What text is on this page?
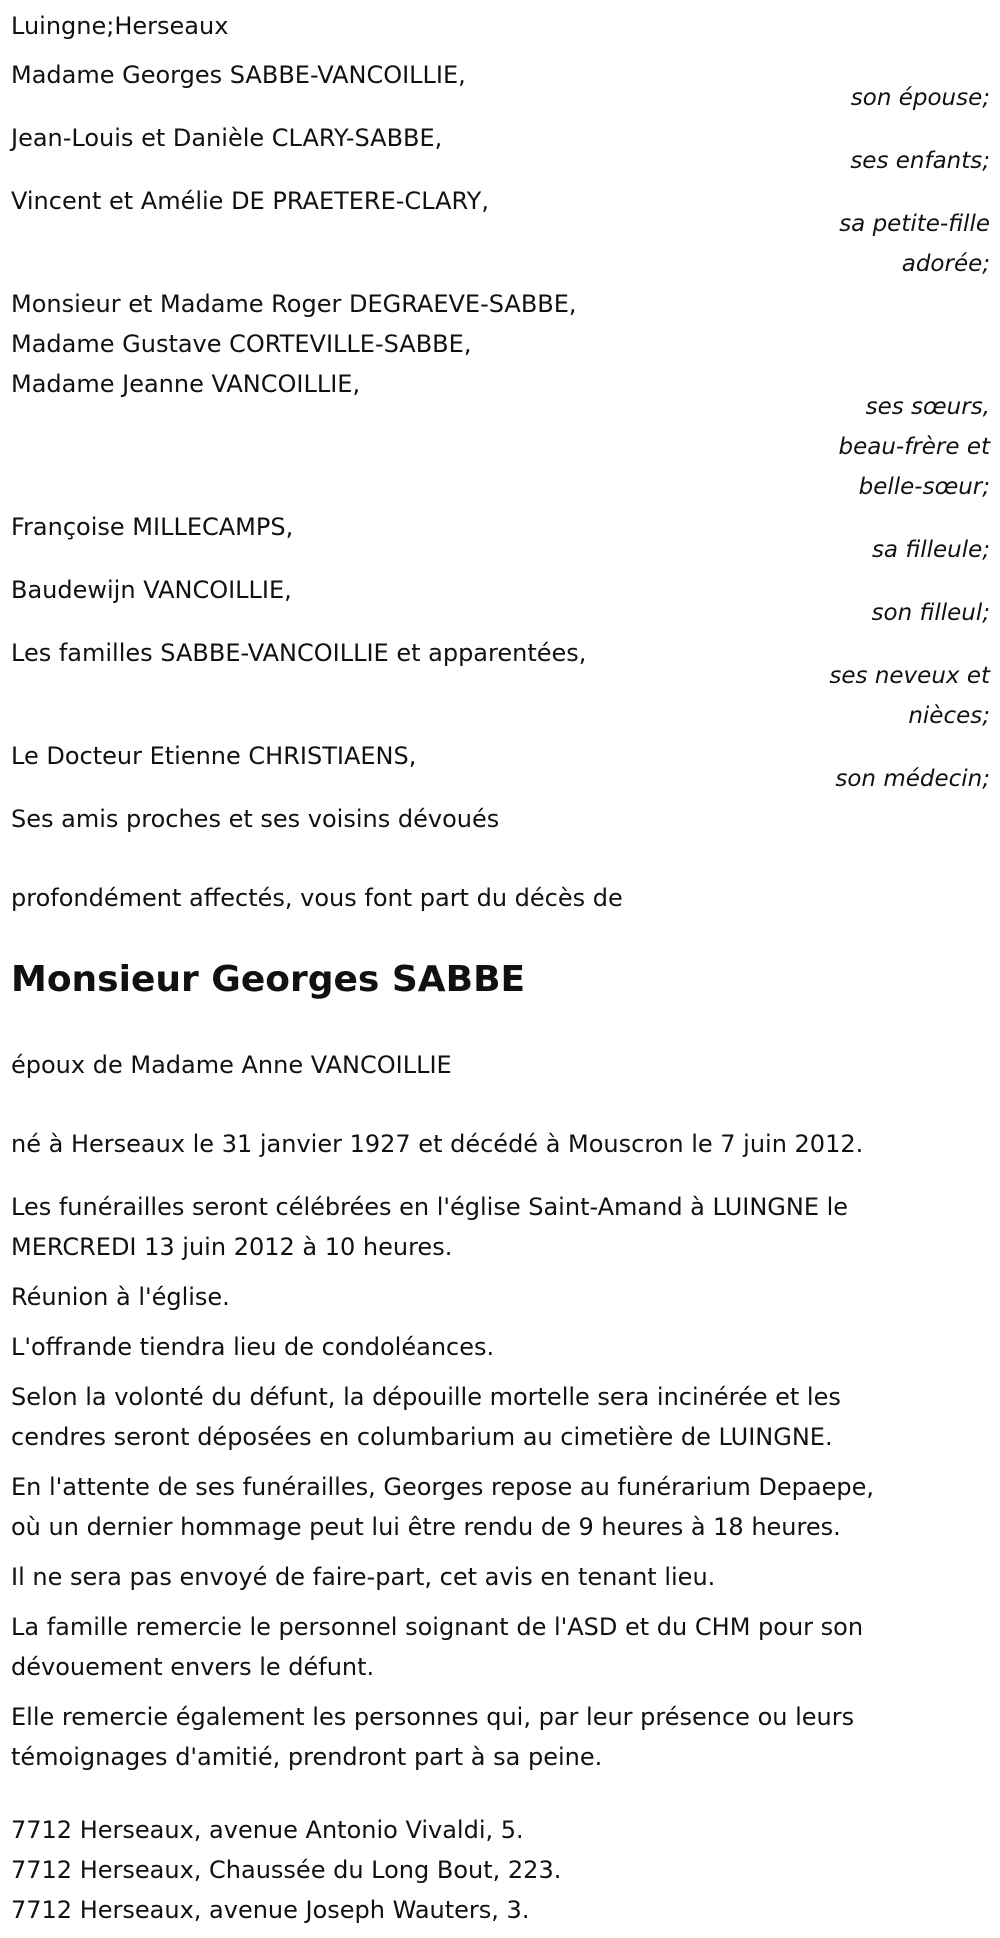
Luingne;Herseaux
Madame Georges SABBE-VANCOILLIE,
son épouse;
Jean-Louis et Danièle CLARY-SABBE,
ses enfants;
Vincent et Amélie DE PRAETERE-CLARY,
sa petite-fille
adorée;
Monsieur et Madame Roger DEGRAEVE-SABBE,
Madame Gustave CORTEVILLE-SABBE,
Madame Jeanne VANCOILLIE,
ses sœurs,
beau-frère et
belle-sœur;
Françoise MILLECAMPS,
sa filleule;
Baudewijn VANCOILLIE,
son filleul;
Les familles SABBE-VANCOILLIE et apparentées,
ses neveux et
nièces;
Le Docteur Etienne CHRISTIAENS,
son médecin;
Ses amis proches et ses voisins dévoués
profondément affectés, vous font part du décès de
Monsieur Georges SABBE
époux de Madame Anne VANCOILLIE
né à Herseaux le 31 janvier 1927 et décédé à Mouscron le 7 juin 2012.
Les funérailles seront célébrées en l'église Saint-Amand à LUINGNE le
MERCREDI 13 juin 2012 à 10 heures.
Réunion à l'église.
L'offrande tiendra lieu de condoléances.
Selon la volonté du défunt, la dépouille mortelle sera incinérée et les
cendres seront déposées en columbarium au cimetière de LUINGNE.
En l'attente de ses funérailles, Georges repose au funérarium Depaepe,
où un dernier hommage peut lui être rendu de 9 heures à 18 heures.
Il ne sera pas envoyé de faire-part, cet avis en tenant lieu.
La famille remercie le personnel soignant de l'ASD et du CHM pour son
dévouement envers le défunt.
Elle remercie également les personnes qui, par leur présence ou leurs
témoignages d'amitié, prendront part à sa peine.
7712 Herseaux, avenue Antonio Vivaldi, 5.
7712 Herseaux, Chaussée du Long Bout, 223.
7712 Herseaux, avenue Joseph Wauters, 3.
